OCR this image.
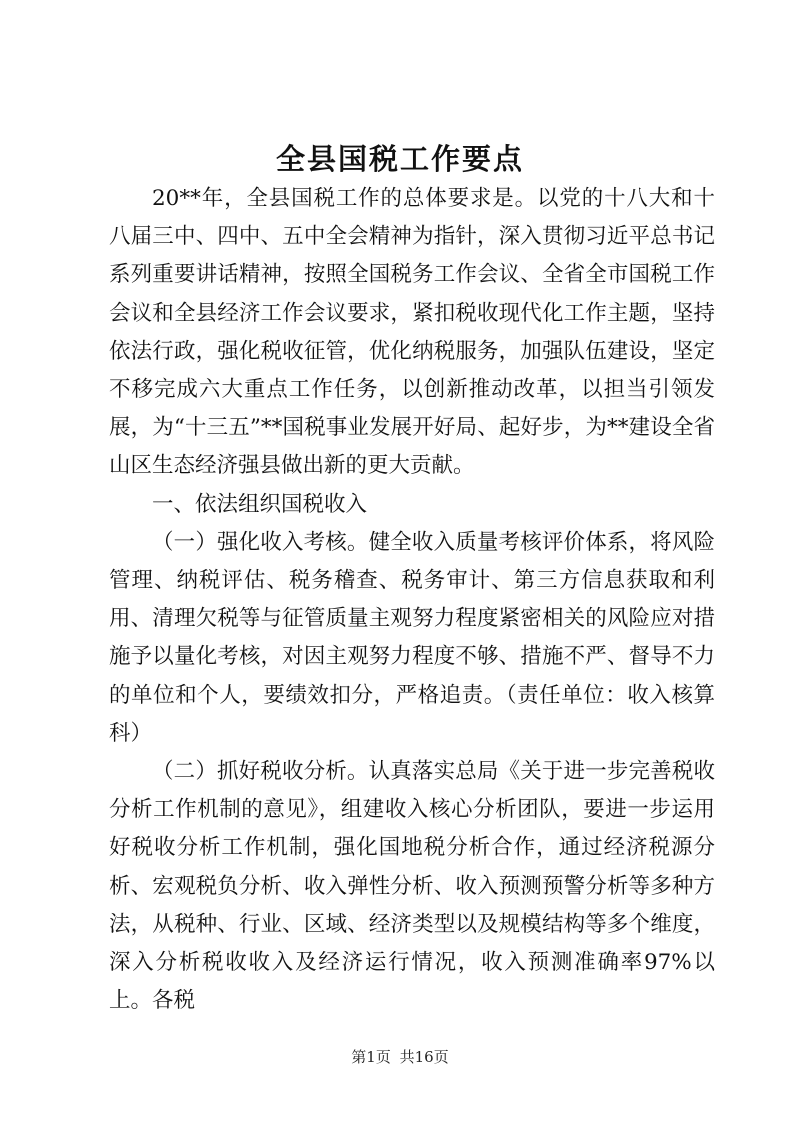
全县国税工作要点

20**年，全县国税工作的总体要求是。以党的十八大和十八届三中、四中、五中全会精神为指针，深入贯彻习近平总书记系列重要讲话精神，按照全国税务工作会议、全省全市国税工作会议和全县经济工作会议要求，紧扣税收现代化工作主题，坚持依法行政，强化税收征管，优化纳税服务，加强队伍建设，坚定不移完成六大重点工作任务，以创新推动改革，以担当引领发展，为“十三五”**国税事业发展开好局、起好步，为**建设全省山区生态经济强县做出新的更大贡献。

一、依法组织国税收入

（一）强化收入考核。健全收入质量考核评价体系，将风险管理、纳税评估、税务稽查、税务审计、第三方信息获取和利用、清理欠税等与征管质量主观努力程度紧密相关的风险应对措施予以量化考核，对因主观努力程度不够、措施不严、督导不力的单位和个人，要绩效扣分，严格追责。（责任单位：收入核算科）

（二）抓好税收分析。认真落实总局《关于进一步完善税收分析工作机制的意见》，组建收入核心分析团队，要进一步运用好税收分析工作机制，强化国地税分析合作，通过经济税源分析、宏观税负分析、收入弹性分析、收入预测预警分析等多种方法，从税种、行业、区域、经济类型以及规模结构等多个维度，深入分析税收收入及经济运行情况，收入预测准确率97%以上。各税

第1页 共16页
